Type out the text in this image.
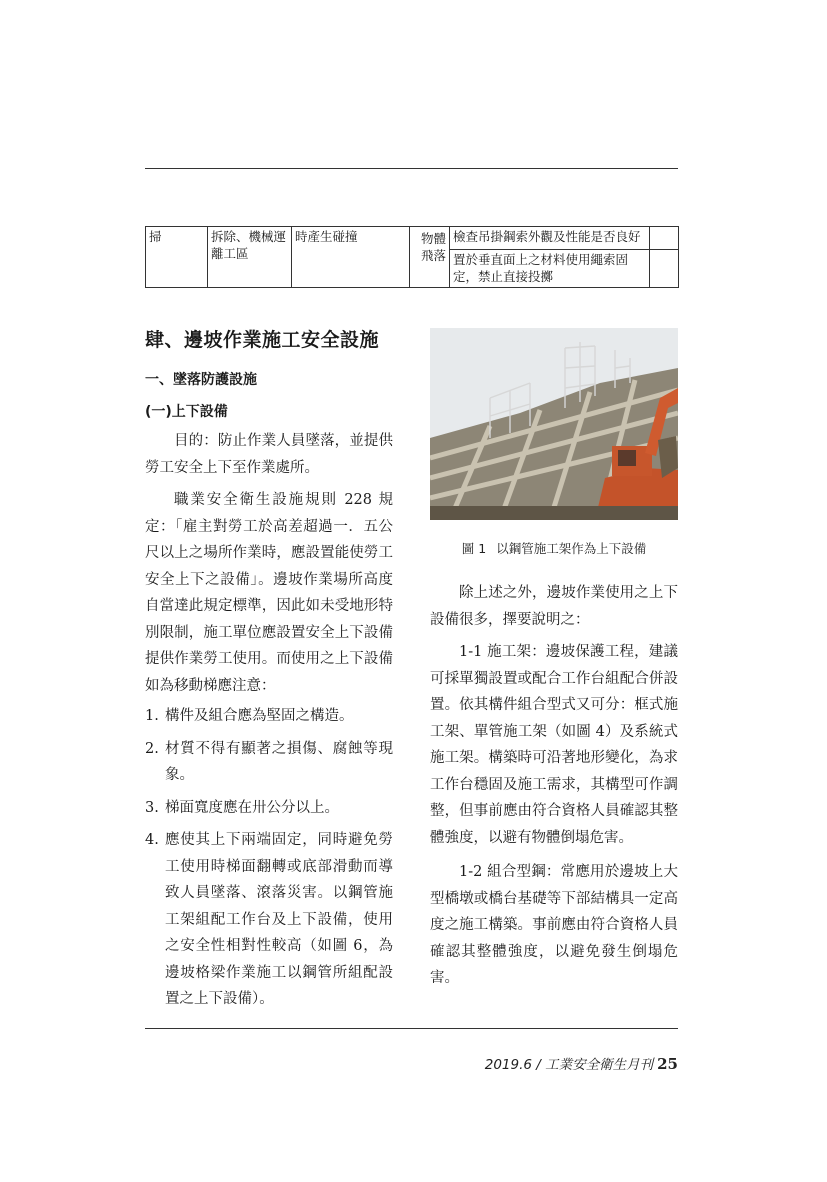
掃	拆除、機械運離工區	時產生碰撞	物體飛落	檢查吊掛鋼索外觀及性能是否良好	
				置於垂直面上之材料使用繩索固定，禁止直接投擲	
肆、邊坡作業施工安全設施
一、墜落防護設施
(一)上下設備

目的：防止作業人員墜落，並提供勞工安全上下至作業處所。

職業安全衛生設施規則 228 規定：「雇主對勞工於高差超過一．五公尺以上之場所作業時，應設置能使勞工安全上下之設備」。邊坡作業場所高度自當達此規定標準，因此如未受地形特別限制，施工單位應設置安全上下設備提供作業勞工使用。而使用之上下設備如為移動梯應注意：

1. 構件及組合應為堅固之構造。
2. 材質不得有顯著之損傷、腐蝕等現象。
3. 梯面寬度應在卅公分以上。
4. 應使其上下兩端固定，同時避免勞工使用時梯面翻轉或底部滑動而導致人員墜落、滾落災害。以鋼管施工架組配工作台及上下設備，使用之安全性相對性較高（如圖 6，為邊坡格梁作業施工以鋼管所組配設置之上下設備）。
圖 1 以鋼管施工架作為上下設備

除上述之外，邊坡作業使用之上下設備很多，擇要說明之：

1-1 施工架：邊坡保護工程，建議可採單獨設置或配合工作台組配合併設置。依其構件組合型式又可分：框式施工架、單管施工架（如圖 4）及系統式施工架。構築時可沿著地形變化，為求工作台穩固及施工需求，其構型可作調整，但事前應由符合資格人員確認其整體強度，以避有物體倒塌危害。

1-2 組合型鋼：常應用於邊坡上大型橋墩或橋台基礎等下部結構具一定高度之施工構築。事前應由符合資格人員確認其整體強度，以避免發生倒塌危害。

2019.6 / 工業安全衛生月刊 25
